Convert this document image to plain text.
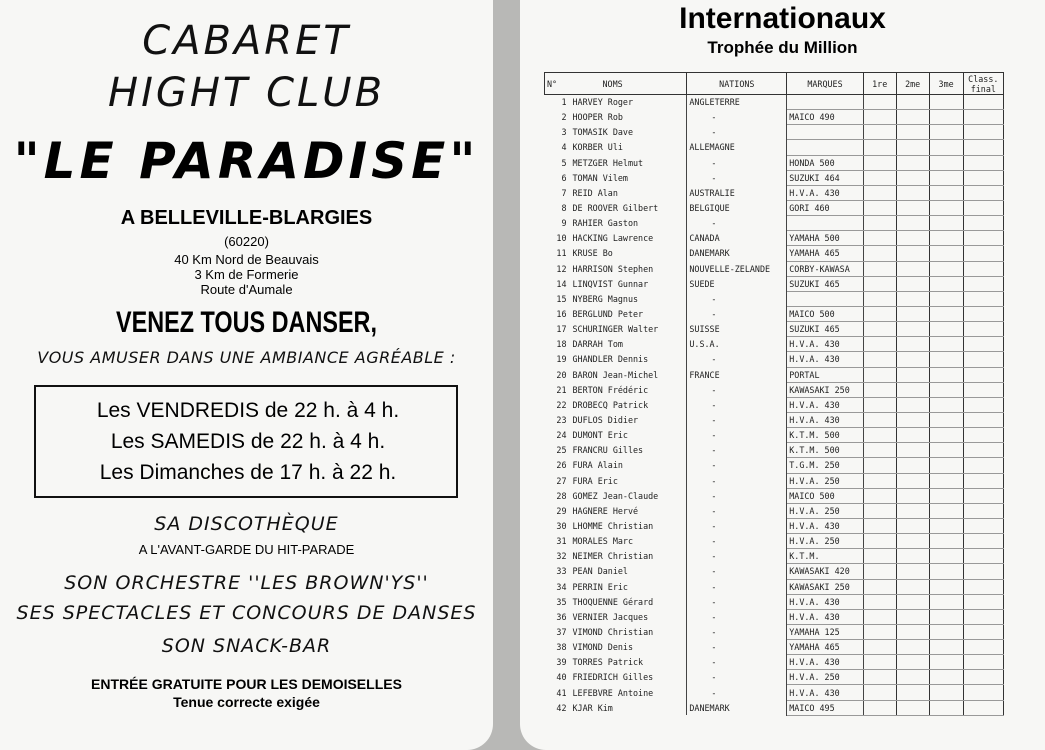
CABARET
HIGHT CLUB
"LE PARADISE"
A BELLEVILLE-BLARGIES
(60220)
40 Km Nord de Beauvais
3 Km de Formerie
Route d'Aumale
VENEZ TOUS DANSER,
VOUS AMUSER DANS UNE AMBIANCE AGRÉABLE :
Les VENDREDIS de 22 h. à 4 h.
Les SAMEDIS de 22 h. à 4 h.
Les Dimanches de 17 h. à 22 h.
SA DISCOTHÈQUE
A L'AVANT-GARDE DU HIT-PARADE
SON ORCHESTRE ''LES BROWN'YS''
SES SPECTACLES ET CONCOURS DE DANSES
SON SNACK-BAR
ENTRÉE GRATUITE POUR LES DEMOISELLES
Tenue correcte exigée
Internationaux
Trophée du Million
N° NOMS	NATIONS	MARQUES	1re	2me	3me	Class. final
1 HARVEY Roger	ANGLETERRE					
2 HOOPER Rob	-	MAICO 490				
3 TOMASIK Dave	-					
4 KORBER Uli	ALLEMAGNE					
5 METZGER Helmut	-	HONDA 500				
6 TOMAN Vilem	-	SUZUKI 464				
7 REID Alan	AUSTRALIE	H.V.A. 430				
8 DE ROOVER Gilbert	BELGIQUE	GORI 460				
9 RAHIER Gaston	-					
10 HACKING Lawrence	CANADA	YAMAHA 500				
11 KRUSE Bo	DANEMARK	YAMAHA 465				
12 HARRISON Stephen	NOUVELLE-ZELANDE	CORBY-KAWASA				
14 LINQVIST Gunnar	SUEDE	SUZUKI 465				
15 NYBERG Magnus	-					
16 BERGLUND Peter	-	MAICO 500				
17 SCHURINGER Walter	SUISSE	SUZUKI 465				
18 DARRAH Tom	U.S.A.	H.V.A. 430				
19 GHANDLER Dennis	-	H.V.A. 430				
20 BARON Jean-Michel	FRANCE	PORTAL				
21 BERTON Frédéric	-	KAWASAKI 250				
22 DROBECQ Patrick	-	H.V.A. 430				
23 DUFLOS Didier	-	H.V.A. 430				
24 DUMONT Eric	-	K.T.M. 500				
25 FRANCRU Gilles	-	K.T.M. 500				
26 FURA Alain	-	T.G.M. 250				
27 FURA Eric	-	H.V.A. 250				
28 GOMEZ Jean-Claude	-	MAICO 500				
29 HAGNERE Hervé	-	H.V.A. 250				
30 LHOMME Christian	-	H.V.A. 430				
31 MORALES Marc	-	H.V.A. 250				
32 NEIMER Christian	-	K.T.M.				
33 PEAN Daniel	-	KAWASAKI 420				
34 PERRIN Eric	-	KAWASAKI 250				
35 THOQUENNE Gérard	-	H.V.A. 430				
36 VERNIER Jacques	-	H.V.A. 430				
37 VIMOND Christian	-	YAMAHA 125				
38 VIMOND Denis	-	YAMAHA 465				
39 TORRES Patrick	-	H.V.A. 430				
40 FRIEDRICH Gilles	-	H.V.A. 250				
41 LEFEBVRE Antoine	-	H.V.A. 430				
42 KJAR Kim	DANEMARK	MAICO 495				
